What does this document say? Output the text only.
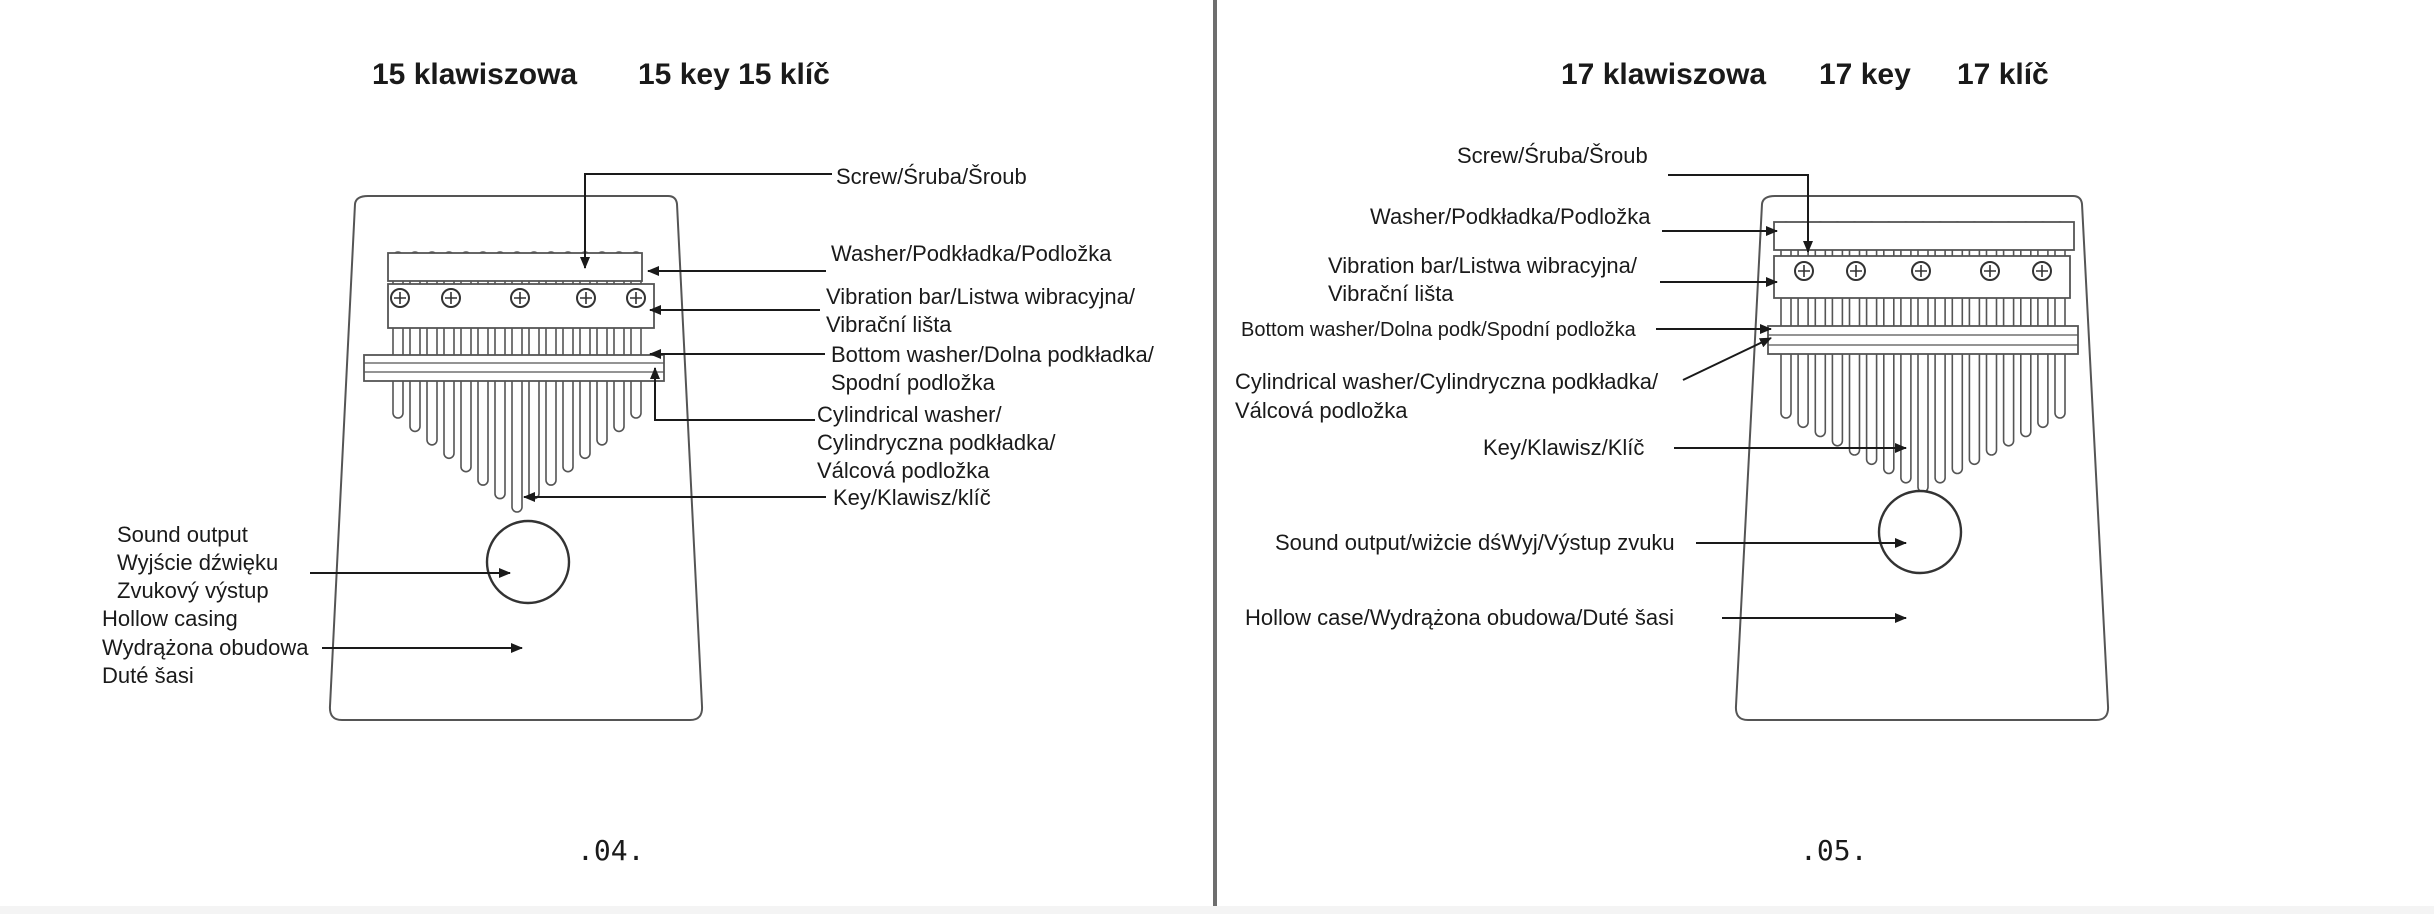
15 klawiszowa 15 key 15 klíč
Screw/Śruba/Šroub
Washer/Podkładka/Podložka
Vibration bar/Listwa wibracyjna/
Vibrační lišta
Bottom washer/Dolna podkładka/
Spodní podložka
Cylindrical washer/
Cylindryczna podkładka/
Válcová podložka
Key/Klawisz/klíč
Sound output
Wyjście dźwięku
Zvukový výstup
Hollow casing
Wydrążona obudowa
Duté šasi
.04.
17 klawiszowa 17 key 17 klíč
Screw/Śruba/Šroub
Washer/Podkładka/Podložka
Vibration bar/Listwa wibracyjna/
Vibrační lišta
Bottom washer/Dolna podk/Spodní podložka
Cylindrical washer/Cylindryczna podkładka/
Válcová podložka
Key/Klawisz/Klíč
Sound output/wiżcie dśWyj/Výstup zvuku
Hollow case/Wydrążona obudowa/Duté šasi
.05.
